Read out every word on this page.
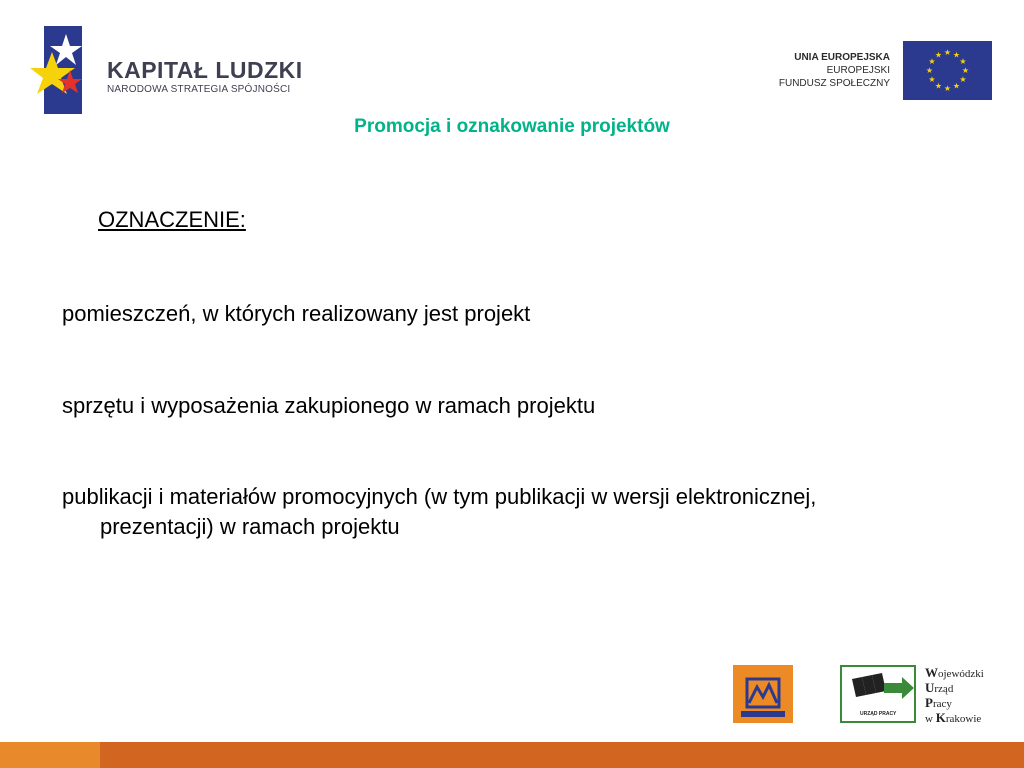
KAPITAŁ LUDZKI
NARODOWA STRATEGIA SPÓJNOŚCI
UNIA EUROPEJSKA
EUROPEJSKI
FUNDUSZ SPOŁECZNY
★ ★
★
★
★
★
★
★
★
★
★
★
Promocja i oznakowanie projektów
OZNACZENIE:
pomieszczeń, w których realizowany jest projekt
sprzętu i wyposażenia zakupionego w ramach projektu
publikacji i materiałów promocyjnych (w tym publikacji w wersji elektronicznej, prezentacji) w ramach projektu
URZĄD PRACY
Wojewódzki
Urząd
Pracy
w Krakowie
